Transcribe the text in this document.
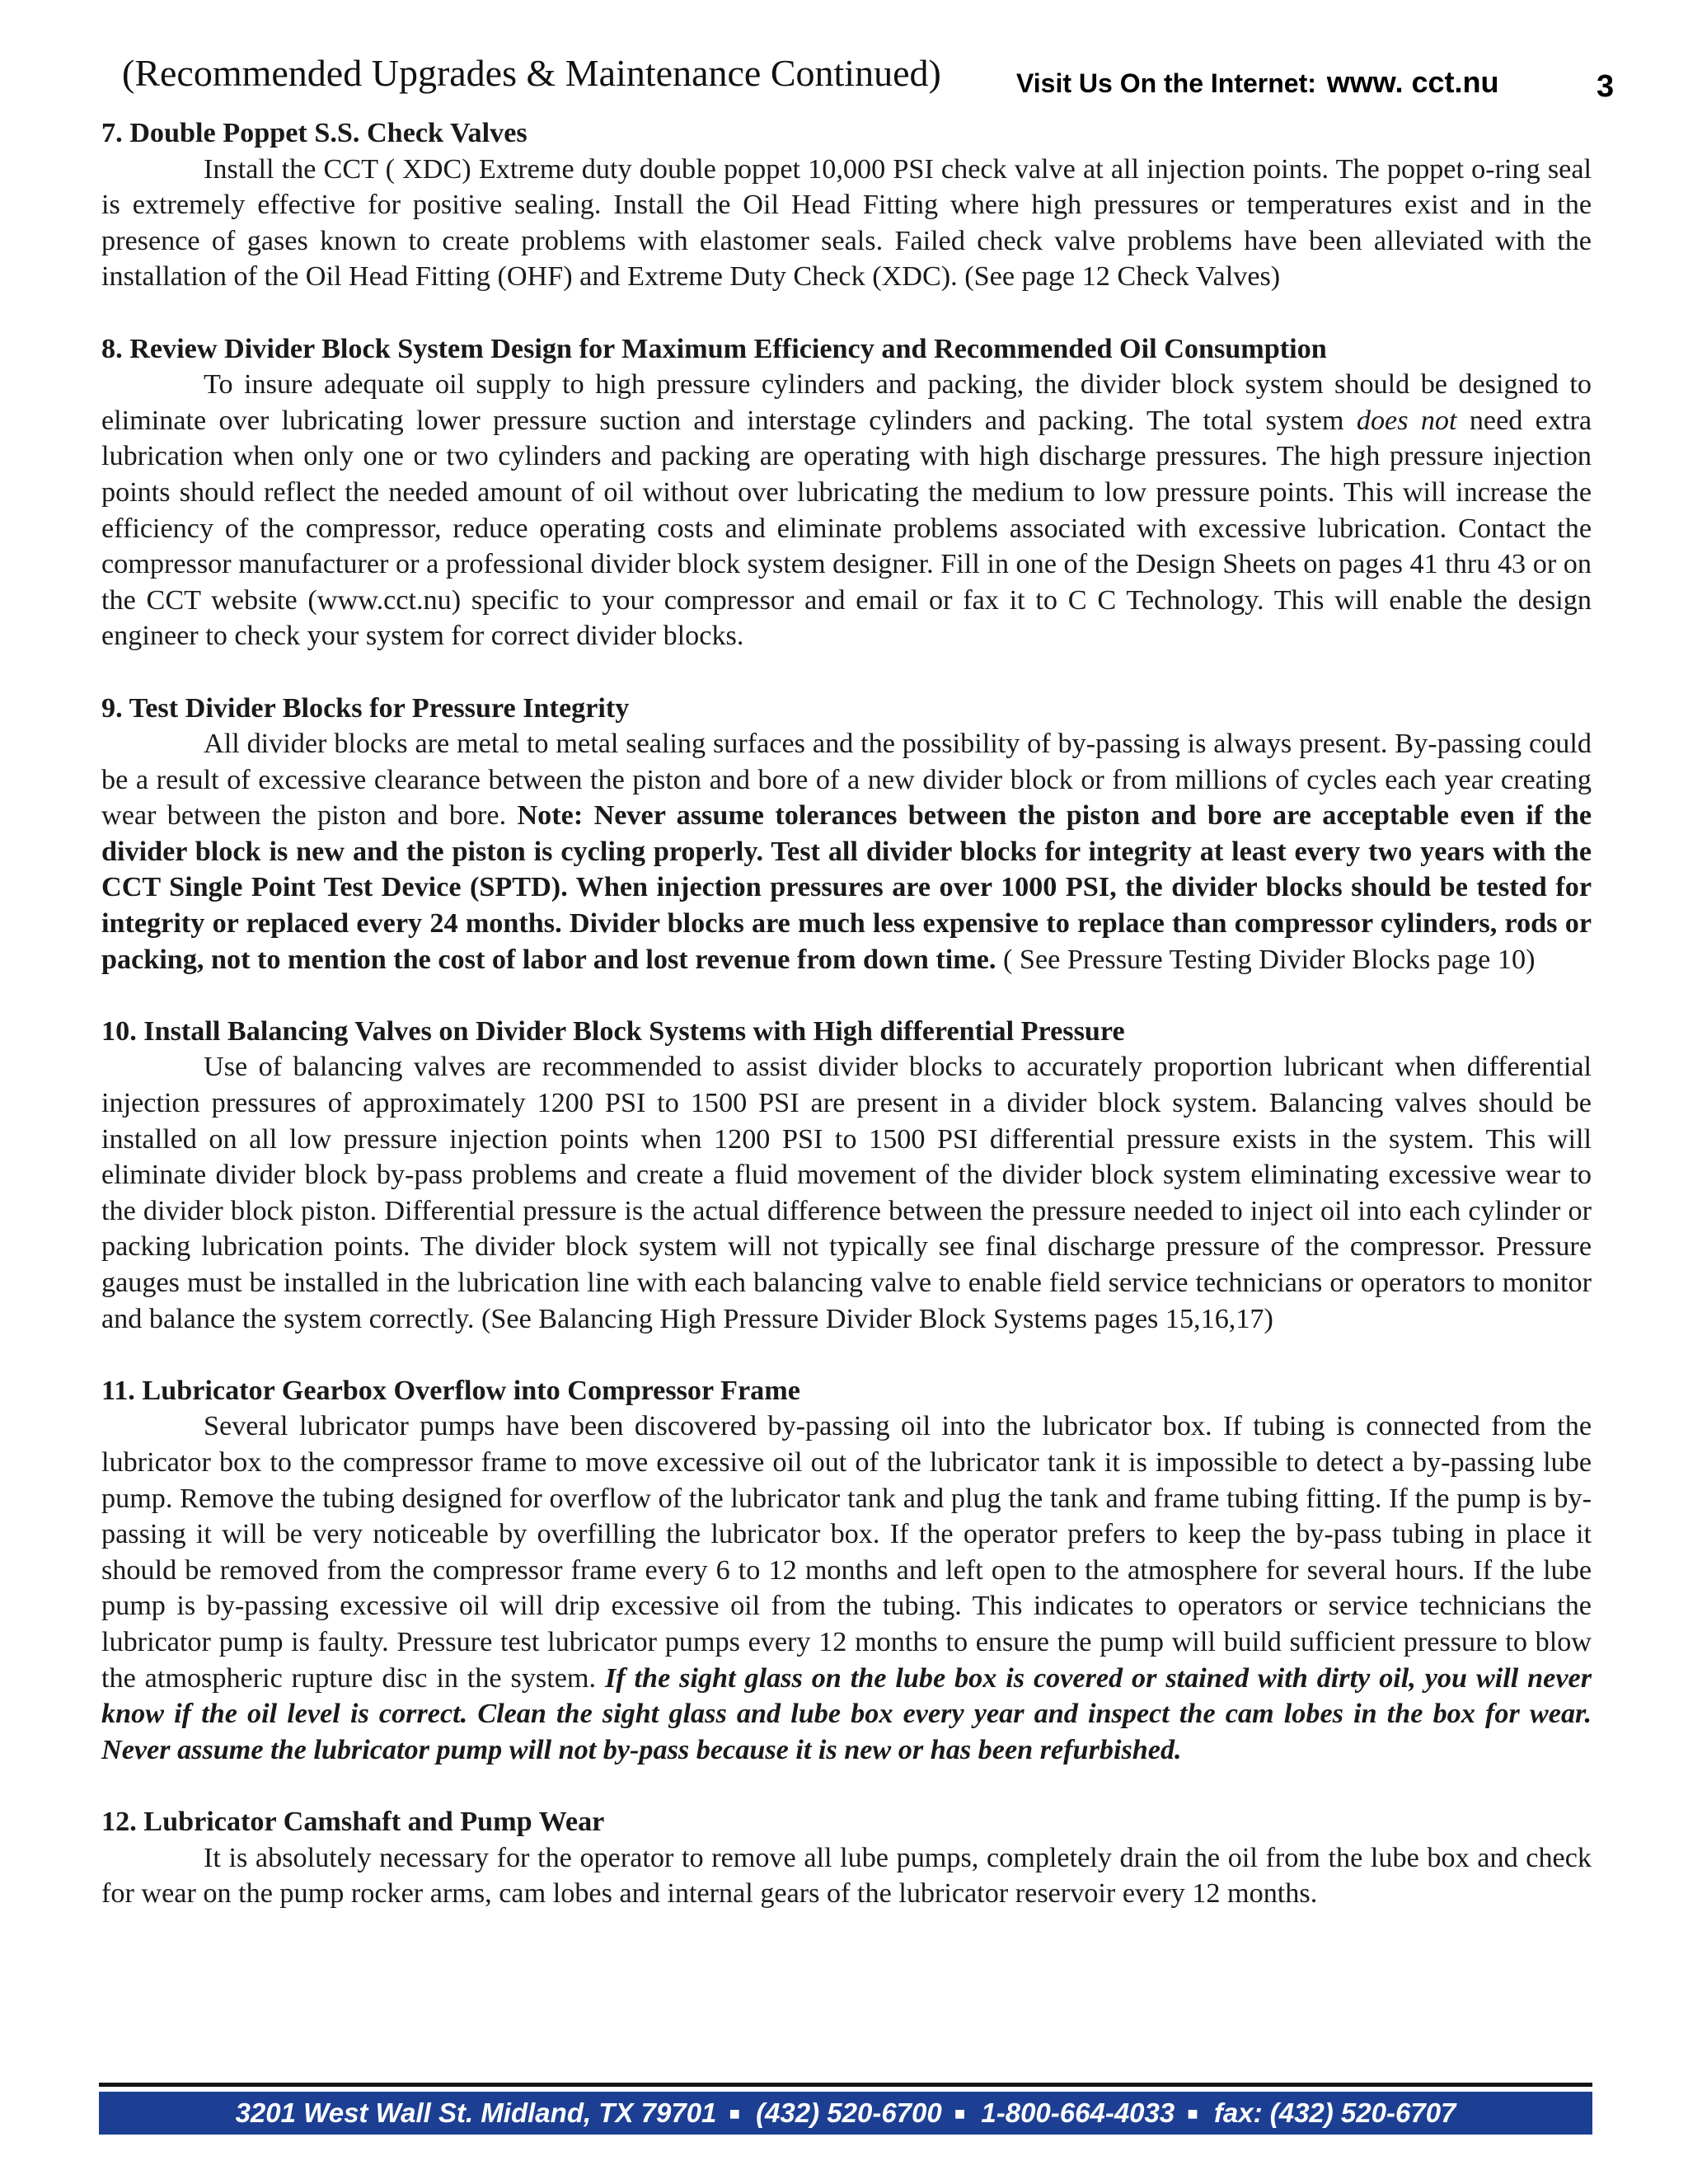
(Recommended Upgrades & Maintenance Continued)	Visit Us On the Internet: www. cct.nu	3
7. Double Poppet S.S. Check Valves

Install the CCT ( XDC) Extreme duty double poppet 10,000 PSI check valve at all injection points. The poppet o-ring seal is extremely effective for positive sealing. Install the Oil Head Fitting where high pressures or temperatures exist and in the presence of gases known to create problems with elastomer seals. Failed check valve problems have been alleviated with the installation of the Oil Head Fitting (OHF) and Extreme Duty Check (XDC). (See page 12 Check Valves)

8. Review Divider Block System Design for Maximum Efficiency and Recommended Oil Consumption

To insure adequate oil supply to high pressure cylinders and packing, the divider block system should be designed to eliminate over lubricating lower pressure suction and interstage cylinders and packing. The total system does not need extra lubrication when only one or two cylinders and packing are operating with high discharge pressures. The high pressure injection points should reflect the needed amount of oil without over lubricating the medium to low pressure points. This will increase the efficiency of the compressor, reduce operating costs and eliminate problems associated with excessive lubrication. Contact the compressor manufacturer or a professional divider block system designer. Fill in one of the Design Sheets on pages 41 thru 43 or on the CCT website (www.cct.nu) specific to your compressor and email or fax it to C C Technology. This will enable the design engineer to check your system for correct divider blocks.

9. Test Divider Blocks for Pressure Integrity

All divider blocks are metal to metal sealing surfaces and the possibility of by-passing is always present. By-passing could be a result of excessive clearance between the piston and bore of a new divider block or from millions of cycles each year creating wear between the piston and bore. Note: Never assume tolerances between the piston and bore are acceptable even if the divider block is new and the piston is cycling properly. Test all divider blocks for integrity at least every two years with the CCT Single Point Test Device (SPTD). When injection pressures are over 1000 PSI, the divider blocks should be tested for integrity or replaced every 24 months. Divider blocks are much less expensive to replace than compressor cylinders, rods or packing, not to mention the cost of labor and lost revenue from down time. ( See Pressure Testing Divider Blocks page 10)

10. Install Balancing Valves on Divider Block Systems with High differential Pressure

Use of balancing valves are recommended to assist divider blocks to accurately proportion lubricant when differential injection pressures of approximately 1200 PSI to 1500 PSI are present in a divider block system. Balancing valves should be installed on all low pressure injection points when 1200 PSI to 1500 PSI differential pressure exists in the system. This will eliminate divider block by-pass problems and create a fluid movement of the divider block system eliminating excessive wear to the divider block piston. Differential pressure is the actual difference between the pressure needed to inject oil into each cylinder or packing lubrication points. The divider block system will not typically see final discharge pressure of the compressor. Pressure gauges must be installed in the lubrication line with each balancing valve to enable field service technicians or operators to monitor and balance the system correctly. (See Balancing High Pressure Divider Block Systems pages 15,16,17)

11. Lubricator Gearbox Overflow into Compressor Frame

Several lubricator pumps have been discovered by-passing oil into the lubricator box. If tubing is connected from the lubricator box to the compressor frame to move excessive oil out of the lubricator tank it is impossible to detect a by-passing lube pump. Remove the tubing designed for overflow of the lubricator tank and plug the tank and frame tubing fitting. If the pump is by-passing it will be very noticeable by overfilling the lubricator box. If the operator prefers to keep the by-pass tubing in place it should be removed from the compressor frame every 6 to 12 months and left open to the atmosphere for several hours. If the lube pump is by-passing excessive oil will drip excessive oil from the tubing. This indicates to operators or service technicians the lubricator pump is faulty. Pressure test lubricator pumps every 12 months to ensure the pump will build sufficient pressure to blow the atmospheric rupture disc in the system. If the sight glass on the lube box is covered or stained with dirty oil, you will never know if the oil level is correct. Clean the sight glass and lube box every year and inspect the cam lobes in the box for wear. Never assume the lubricator pump will not by-pass because it is new or has been refurbished.

12. Lubricator Camshaft and Pump Wear

It is absolutely necessary for the operator to remove all lube pumps, completely drain the oil from the lube box and check for wear on the pump rocker arms, cam lobes and internal gears of the lubricator reservoir every 12 months.

3201 West Wall St. Midland, TX 79701 ■ (432) 520-6700 ■ 1-800-664-4033 ■ fax: (432) 520-6707
